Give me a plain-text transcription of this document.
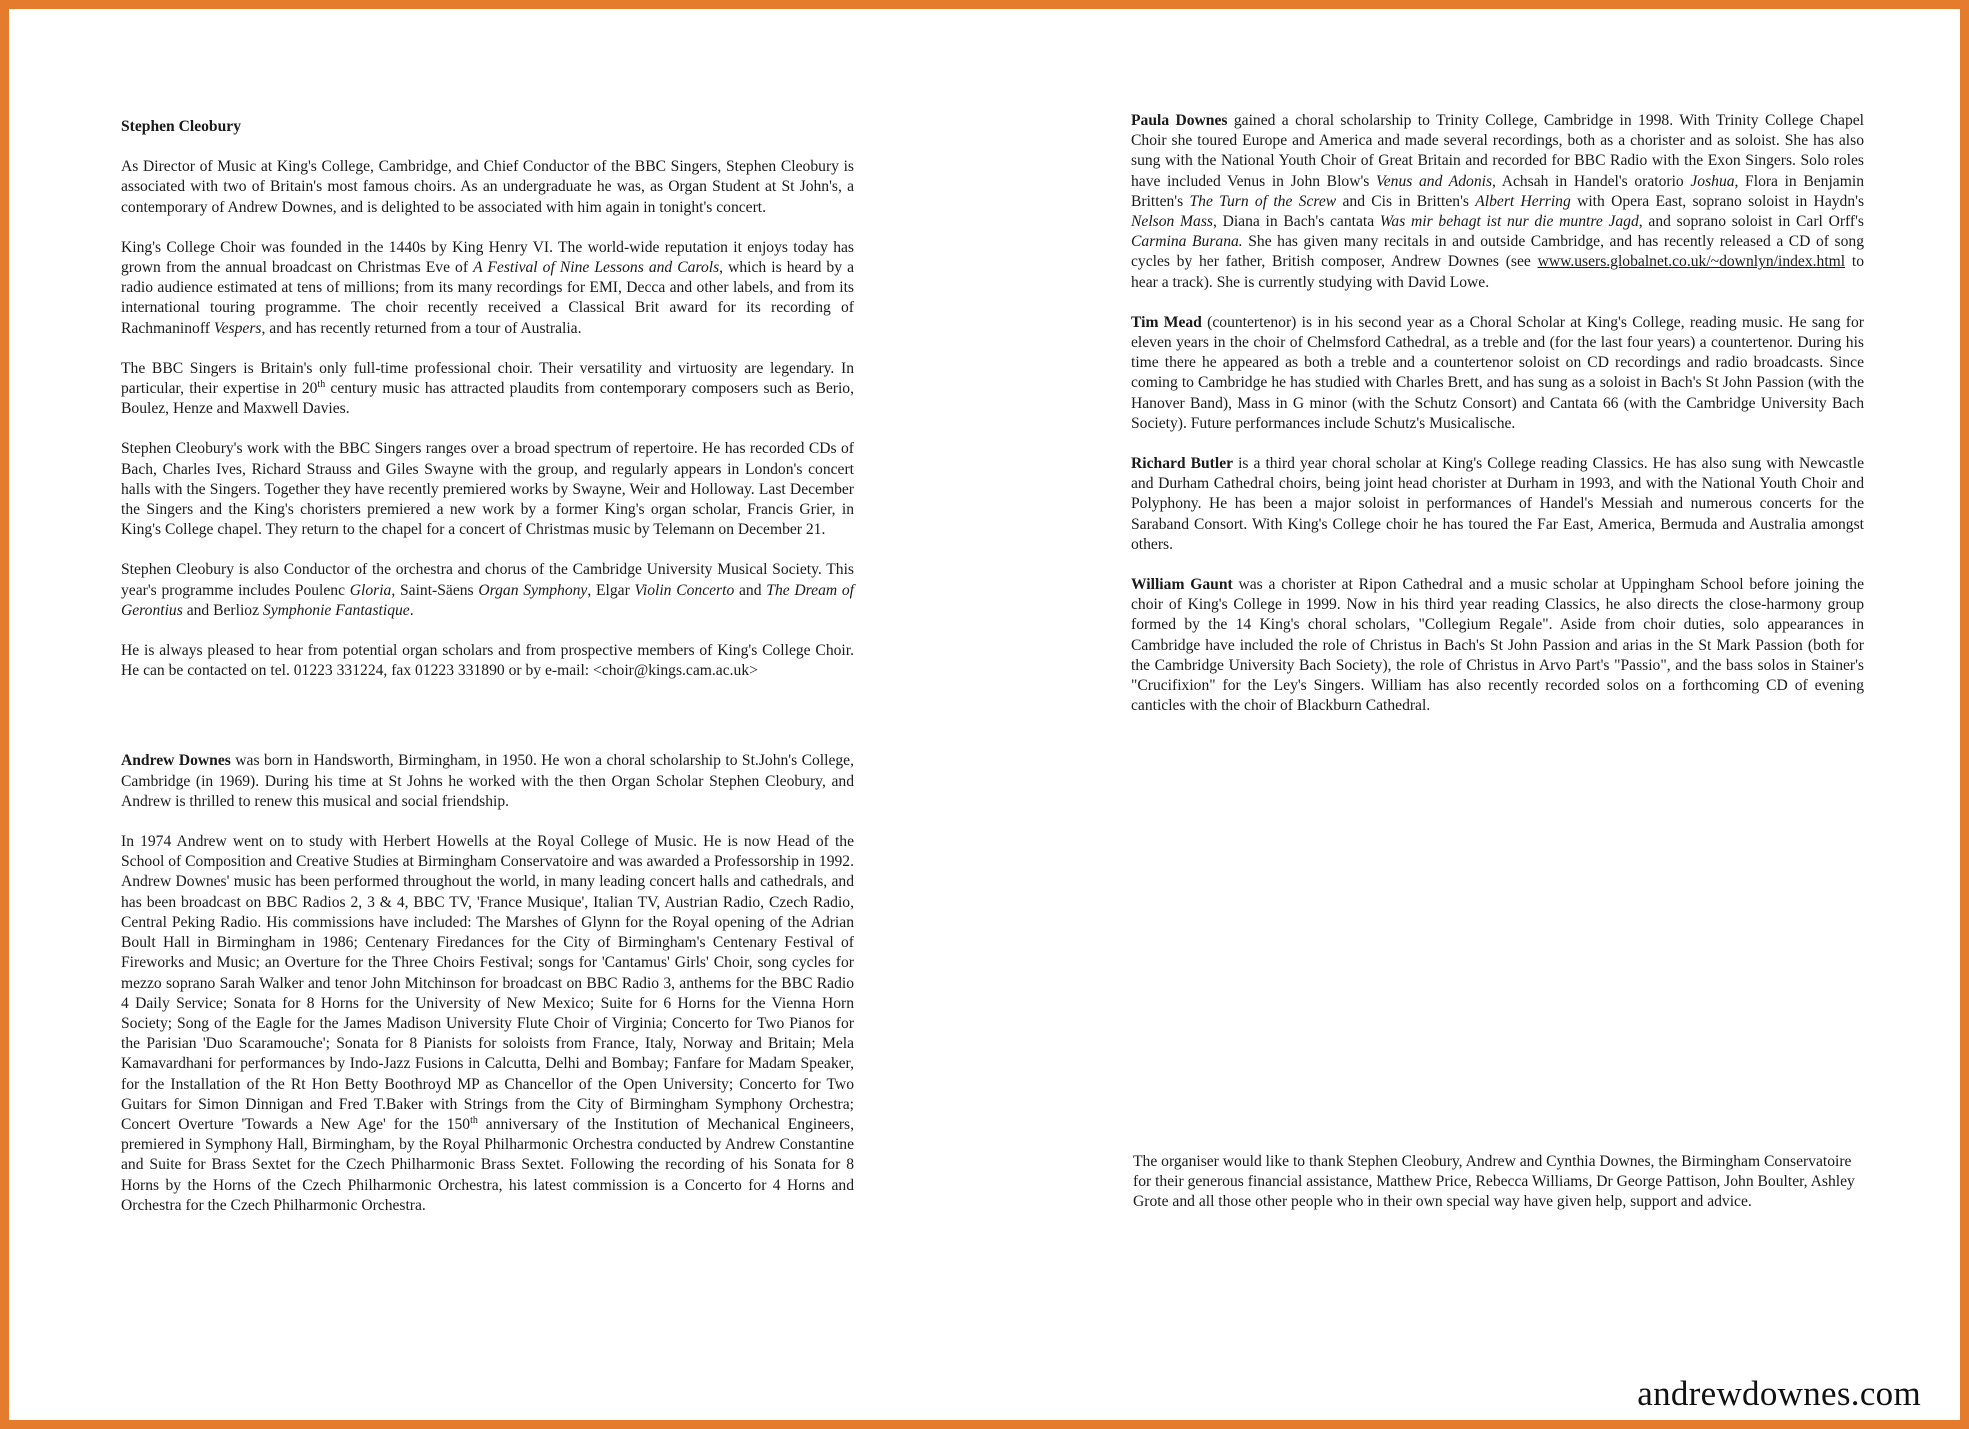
Stephen Cleobury

As Director of Music at King's College, Cambridge, and Chief Conductor of the BBC Singers, Stephen Cleobury is associated with two of Britain's most famous choirs. As an undergraduate he was, as Organ Student at St John's, a contemporary of Andrew Downes, and is delighted to be associated with him again in tonight's concert.

King's College Choir was founded in the 1440s by King Henry VI. The world-wide reputation it enjoys today has grown from the annual broadcast on Christmas Eve of A Festival of Nine Lessons and Carols, which is heard by a radio audience estimated at tens of millions; from its many recordings for EMI, Decca and other labels, and from its international touring programme. The choir recently received a Classical Brit award for its recording of Rachmaninoff Vespers, and has recently returned from a tour of Australia.

The BBC Singers is Britain's only full-time professional choir. Their versatility and virtuosity are legendary. In particular, their expertise in 20th century music has attracted plaudits from contemporary composers such as Berio, Boulez, Henze and Maxwell Davies.

Stephen Cleobury's work with the BBC Singers ranges over a broad spectrum of repertoire. He has recorded CDs of Bach, Charles Ives, Richard Strauss and Giles Swayne with the group, and regularly appears in London's concert halls with the Singers. Together they have recently premiered works by Swayne, Weir and Holloway. Last December the Singers and the King's choristers premiered a new work by a former King's organ scholar, Francis Grier, in King's College chapel. They return to the chapel for a concert of Christmas music by Telemann on December 21.

Stephen Cleobury is also Conductor of the orchestra and chorus of the Cambridge University Musical Society. This year's programme includes Poulenc Gloria, Saint-Säens Organ Symphony, Elgar Violin Concerto and The Dream of Gerontius and Berlioz Symphonie Fantastique.

He is always pleased to hear from potential organ scholars and from prospective members of King's College Choir. He can be contacted on tel. 01223 331224, fax 01223 331890 or by e-mail: <choir@kings.cam.ac.uk>

Andrew Downes was born in Handsworth, Birmingham, in 1950. He won a choral scholarship to St.John's College, Cambridge (in 1969). During his time at St Johns he worked with the then Organ Scholar Stephen Cleobury, and Andrew is thrilled to renew this musical and social friendship.

In 1974 Andrew went on to study with Herbert Howells at the Royal College of Music. He is now Head of the School of Composition and Creative Studies at Birmingham Conservatoire and was awarded a Professorship in 1992. Andrew Downes' music has been performed throughout the world, in many leading concert halls and cathedrals, and has been broadcast on BBC Radios 2, 3 & 4, BBC TV, 'France Musique', Italian TV, Austrian Radio, Czech Radio, Central Peking Radio. His commissions have included: The Marshes of Glynn for the Royal opening of the Adrian Boult Hall in Birmingham in 1986; Centenary Firedances for the City of Birmingham's Centenary Festival of Fireworks and Music; an Overture for the Three Choirs Festival; songs for 'Cantamus' Girls' Choir, song cycles for mezzo soprano Sarah Walker and tenor John Mitchinson for broadcast on BBC Radio 3, anthems for the BBC Radio 4 Daily Service; Sonata for 8 Horns for the University of New Mexico; Suite for 6 Horns for the Vienna Horn Society; Song of the Eagle for the James Madison University Flute Choir of Virginia; Concerto for Two Pianos for the Parisian 'Duo Scaramouche'; Sonata for 8 Pianists for soloists from France, Italy, Norway and Britain; Mela Kamavardhani for performances by Indo-Jazz Fusions in Calcutta, Delhi and Bombay; Fanfare for Madam Speaker, for the Installation of the Rt Hon Betty Boothroyd MP as Chancellor of the Open University; Concerto for Two Guitars for Simon Dinnigan and Fred T.Baker with Strings from the City of Birmingham Symphony Orchestra; Concert Overture 'Towards a New Age' for the 150th anniversary of the Institution of Mechanical Engineers, premiered in Symphony Hall, Birmingham, by the Royal Philharmonic Orchestra conducted by Andrew Constantine and Suite for Brass Sextet for the Czech Philharmonic Brass Sextet. Following the recording of his Sonata for 8 Horns by the Horns of the Czech Philharmonic Orchestra, his latest commission is a Concerto for 4 Horns and Orchestra for the Czech Philharmonic Orchestra.

Paula Downes gained a choral scholarship to Trinity College, Cambridge in 1998. With Trinity College Chapel Choir she toured Europe and America and made several recordings, both as a chorister and as soloist. She has also sung with the National Youth Choir of Great Britain and recorded for BBC Radio with the Exon Singers. Solo roles have included Venus in John Blow's Venus and Adonis, Achsah in Handel's oratorio Joshua, Flora in Benjamin Britten's The Turn of the Screw and Cis in Britten's Albert Herring with Opera East, soprano soloist in Haydn's Nelson Mass, Diana in Bach's cantata Was mir behagt ist nur die muntre Jagd, and soprano soloist in Carl Orff's Carmina Burana. She has given many recitals in and outside Cambridge, and has recently released a CD of song cycles by her father, British composer, Andrew Downes (see www.users.globalnet.co.uk/~downlyn/index.html to hear a track). She is currently studying with David Lowe.

Tim Mead (countertenor) is in his second year as a Choral Scholar at King's College, reading music. He sang for eleven years in the choir of Chelmsford Cathedral, as a treble and (for the last four years) a countertenor. During his time there he appeared as both a treble and a countertenor soloist on CD recordings and radio broadcasts. Since coming to Cambridge he has studied with Charles Brett, and has sung as a soloist in Bach's St John Passion (with the Hanover Band), Mass in G minor (with the Schutz Consort) and Cantata 66 (with the Cambridge University Bach Society). Future performances include Schutz's Musicalische.

Richard Butler is a third year choral scholar at King's College reading Classics. He has also sung with Newcastle and Durham Cathedral choirs, being joint head chorister at Durham in 1993, and with the National Youth Choir and Polyphony. He has been a major soloist in performances of Handel's Messiah and numerous concerts for the Saraband Consort. With King's College choir he has toured the Far East, America, Bermuda and Australia amongst others.

William Gaunt was a chorister at Ripon Cathedral and a music scholar at Uppingham School before joining the choir of King's College in 1999. Now in his third year reading Classics, he also directs the close-harmony group formed by the 14 King's choral scholars, "Collegium Regale". Aside from choir duties, solo appearances in Cambridge have included the role of Christus in Bach's St John Passion and arias in the St Mark Passion (both for the Cambridge University Bach Society), the role of Christus in Arvo Part's "Passio", and the bass solos in Stainer's "Crucifixion" for the Ley's Singers. William has also recently recorded solos on a forthcoming CD of evening canticles with the choir of Blackburn Cathedral.

The organiser would like to thank Stephen Cleobury, Andrew and Cynthia Downes, the Birmingham Conservatoire for their generous financial assistance, Matthew Price, Rebecca Williams, Dr George Pattison, John Boulter, Ashley Grote and all those other people who in their own special way have given help, support and advice.
andrewdownes.com
